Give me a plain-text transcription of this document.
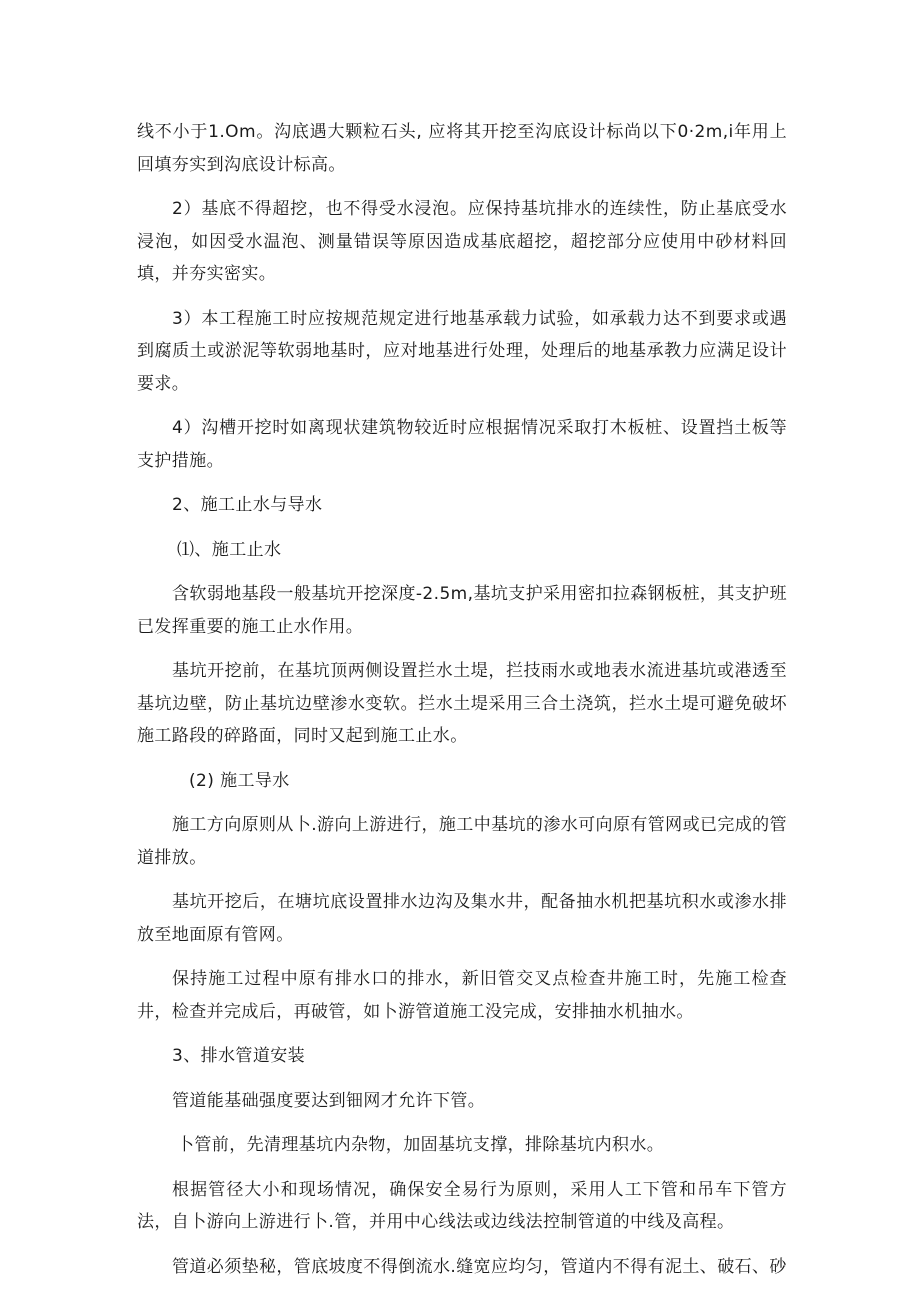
线不小于1.Om。沟底遇大颗粒石头, 应将其开挖至沟底设计标尚以下0·2m,i年用上回填夯实到沟底设计标高。

2）基底不得超挖，也不得受水浸泡。应保持基坑排水的连续性，防止基底受水浸泡，如因受水温泡、测量错误等原因造成基底超挖，超挖部分应使用中砂材料回填，并夯实密实。

3）本工程施工时应按规范规定进行地基承载力试验，如承载力达不到要求或遇到腐质土或淤泥等软弱地基时，应对地基进行处理，处理后的地基承教力应满足设计要求。

4）沟槽开挖时如离现状建筑物较近时应根据情况采取打木板桩、设置挡土板等支护措施。

2、施工止水与导水

⑴、施工止水

含软弱地基段一般基坑开挖深度-2.5m,基坑支护采用密扣拉森钢板桩，其支护班已发挥重要的施工止水作用。

基坑开挖前，在基坑顶两侧设置拦水土堤，拦技雨水或地表水流进基坑或港透至基坑边壁，防止基坑边壁渗水变软。拦水土堤采用三合土浇筑，拦水土堤可避免破坏施工路段的碎路面，同时又起到施工止水。

(2) 施工导水

施工方向原则从卜.游向上游进行，施工中基坑的渗水可向原有管网或已完成的管道排放。

基坑开挖后，在塘坑底设置排水边沟及集水井，配备抽水机把基坑积水或渗水排放至地面原有管网。

保持施工过程中原有排水口的排水，新旧管交叉点检查井施工时，先施工检查井，检查并完成后，再破管，如卜游管道施工没完成，安排抽水机抽水。

3、排水管道安装

管道能基础强度要达到钿网才允许下管。

卜管前，先清理基坑内杂物，加固基坑支撑，排除基坑内积水。

根据管径大小和现场情况，确保安全易行为原则，采用人工下管和吊车下管方法，自卜游向上游进行卜.管，并用中心线法或边线法控制管道的中线及高程。

管道必须垫秘，管底坡度不得倒流水.缝宽应均匀，管道内不得有泥土、破石、砂
